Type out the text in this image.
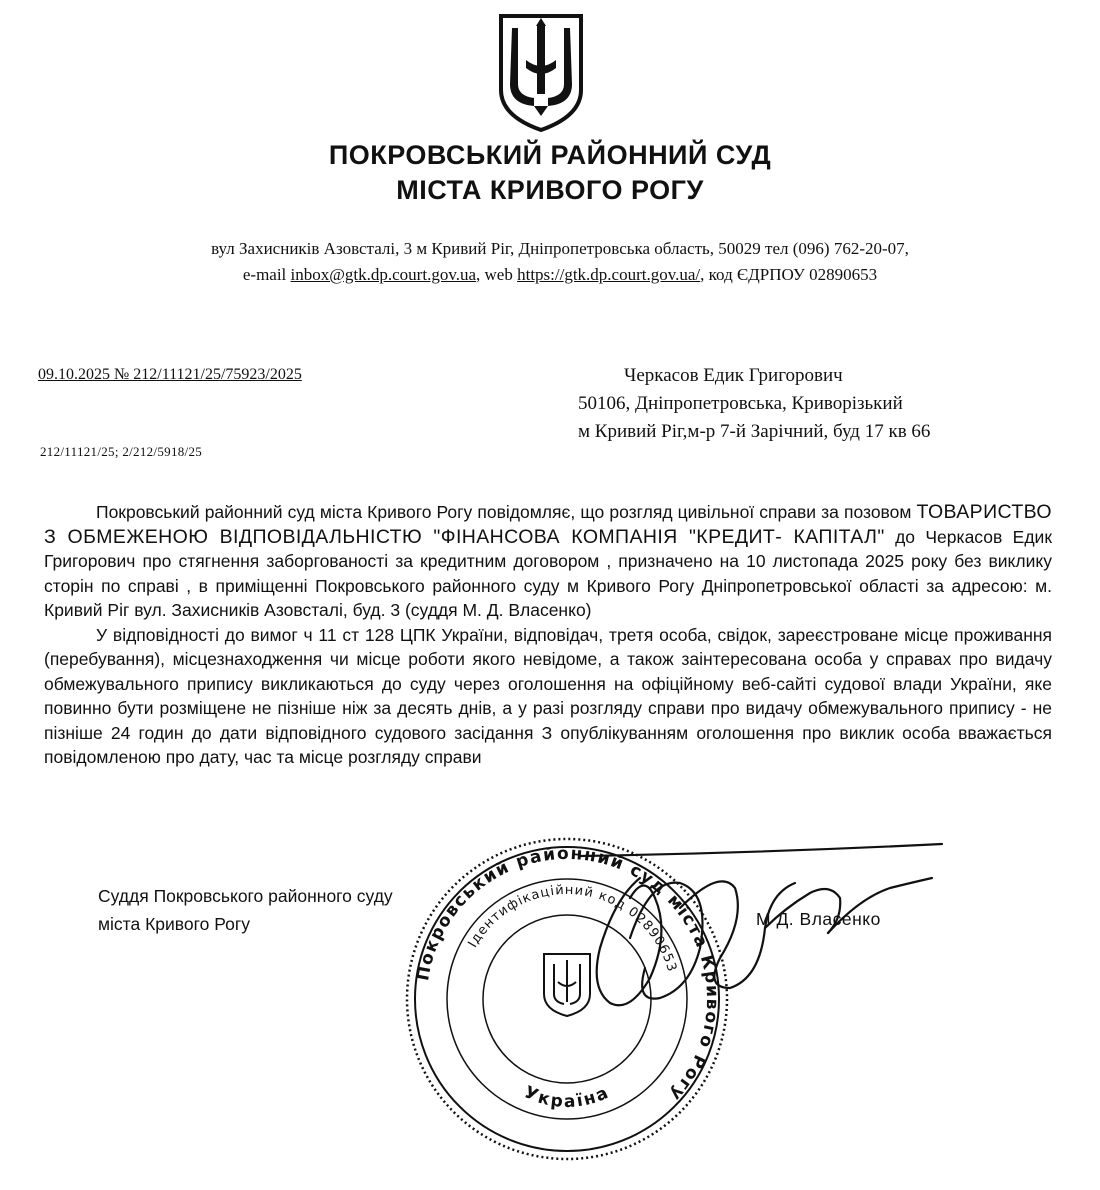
ПОКРОВСЬКИЙ РАЙОННИЙ СУД
МІСТА КРИВОГО РОГУ
вул Захисників Азовсталі, 3 м Кривий Ріг, Дніпропетровська область, 50029 тел (096) 762-20-07,
e-mail inbox@gtk.dp.court.gov.ua, web https://gtk.dp.court.gov.ua/, код ЄДРПОУ 02890653
09.10.2025 № 212/11121/25/75923/2025
212/11121/25; 2/212/5918/25
Черкасов Едик Григорович
50106, Дніпропетровська, Криворізький
м Кривий Ріг,м-р 7-й Зарічний, буд 17 кв 66

Покровський районний суд міста Кривого Рогу повідомляє, що розгляд цивільної справи за позовом ТОВАРИСТВО З ОБМЕЖЕНОЮ ВІДПОВІДАЛЬНІСТЮ "ФІНАНСОВА КОМПАНІЯ "КРЕДИТ- КАПІТАЛ" до Черкасов Едик Григорович про стягнення заборгованості за кредитним договором , призначено на 10 листопада 2025 року без виклику сторін по справі , в приміщенні Покровського районного суду м Кривого Рогу Дніпропетровської області за адресою: м. Кривий Ріг вул. Захисників Азовсталі, буд. 3 (суддя М. Д. Власенко)

У відповідності до вимог ч 11 ст 128 ЦПК України, відповідач, третя особа, свідок, зареєстроване місце проживання (перебування), місцезнаходження чи місце роботи якого невідоме, а також заінтересована особа у справах про видачу обмежувального припису викликаються до суду через оголошення на офіційному веб-сайті судової влади України, яке повинно бути розміщене не пізніше ніж за десять днів, а у разі розгляду справи про видачу обмежувального припису - не пізніше 24 годин до дати відповідного судового засідання З опублікуванням оголошення про виклик особа вважається повідомленою про дату, час та місце розгляду справи

Суддя Покровського районного суду
міста Кривого Рогу	М Д. Власенко
Покровський районний суд міста Кривого Рогу
Ідентифікаційний код 02890653
Україна
